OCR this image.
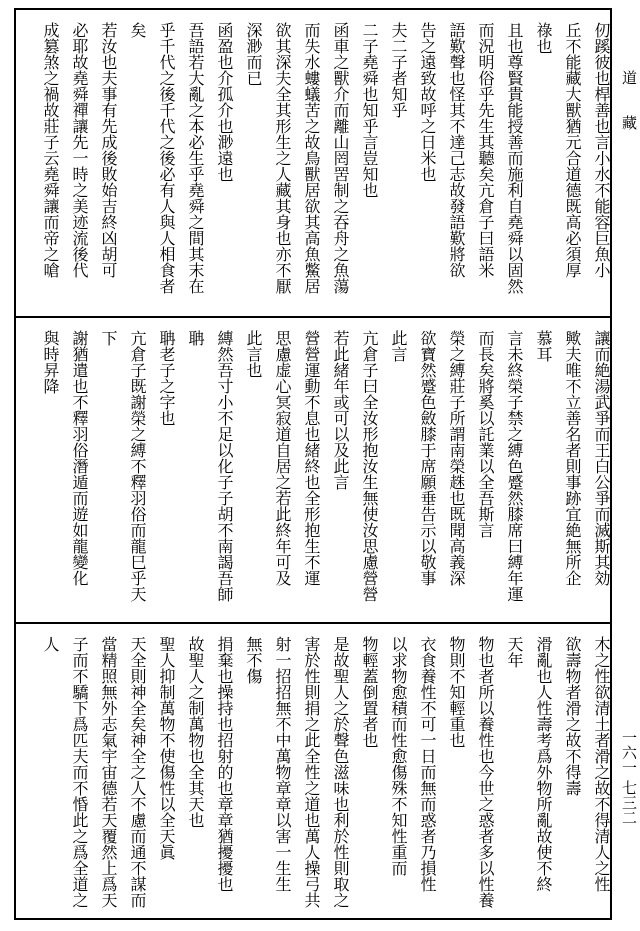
仞蹊彼也桿善也言小水不能容巨魚小
丘不能藏大獸猶元合道德既高必須厚
祿也
且也尊賢貴能授善而施利自堯舜以固然
而況明俗乎先生其聽矣亢倉子曰語米
語歎聲也怪其不達己志故發語歎將欲
告之遠致故呼之日米也
夫二子者知乎
二子堯舜也知乎言豈知也
函車之獸介而離山罔罟制之吞舟之魚蕩
而失水螻蟻苦之故鳥獸居欲其高魚鱉居
欲其深夫全其形生之人藏其身也亦不厭
深渺而已
函盈也介孤介也渺遠也
吾語若大亂之本必生乎堯舜之間其末在
乎千代之後千代之後必有人與人相食者
矣
若汝也夫事有先成後敗始吉終凶胡可
必耶故堯舜禪讓先一時之美迹流後代
成篡煞之禍故莊子云堯舜讓而帝之嗆
讓而絶湯武爭而王白公爭而滅斯其効
歟夫唯不立善名者則事跡宜絶無所企
慕耳
言未終榮子禁之縛色蹙然膝席曰縛年運
而長矣將奚以託業以全吾斯言
榮之縛莊子所謂南榮趎也既聞高義深
欲寶然蹙色斂膝于席願垂告示以敬事
此言
亢倉子曰全汝形抱汝生無使汝思慮營營
若此緒年或可以及此言
營營運動不息也緒終也全形抱生不運
思慮虚心冥寂道自居之若此終年可及
此言也
縳然吾寸小不足以化子子胡不南謁吾師
聃
聃老子之字也
亢倉子既謝榮之縛不釋羽俗而龍巳乎天
下
謝猶遣也不釋羽俗潛遁而遊如龍變化
與時昇降
木之性欲清土者滑之故不得清人之性
欲壽物者滑之故不得壽
滑亂也人性壽考爲外物所亂故使不終
天年
物也者所以養性也今世之惑者多以性養
物則不知輕重也
衣食養性不可一日而無而惑者乃損性
以求物愈積而性愈傷殊不知性重而
物輕蓋倒置者也
是故聖人之於聲色滋味也利於性則取之
害於性則捐之此全性之道也萬人操弓共
射一招招無不中萬物章章以害一生生
無不傷
捐棄也操持也招射的也章章猶擾擾也
故聖人之制萬物也全其天也
聖人抑制萬物不使傷性以全天眞
天全則神全矣神全之人不慮而通不謀而
當精照無外志氣宇宙德若天覆然上爲天
子而不驕下爲匹夫而不惛此之爲全道之
人
道　　藏
一六一 七三二
